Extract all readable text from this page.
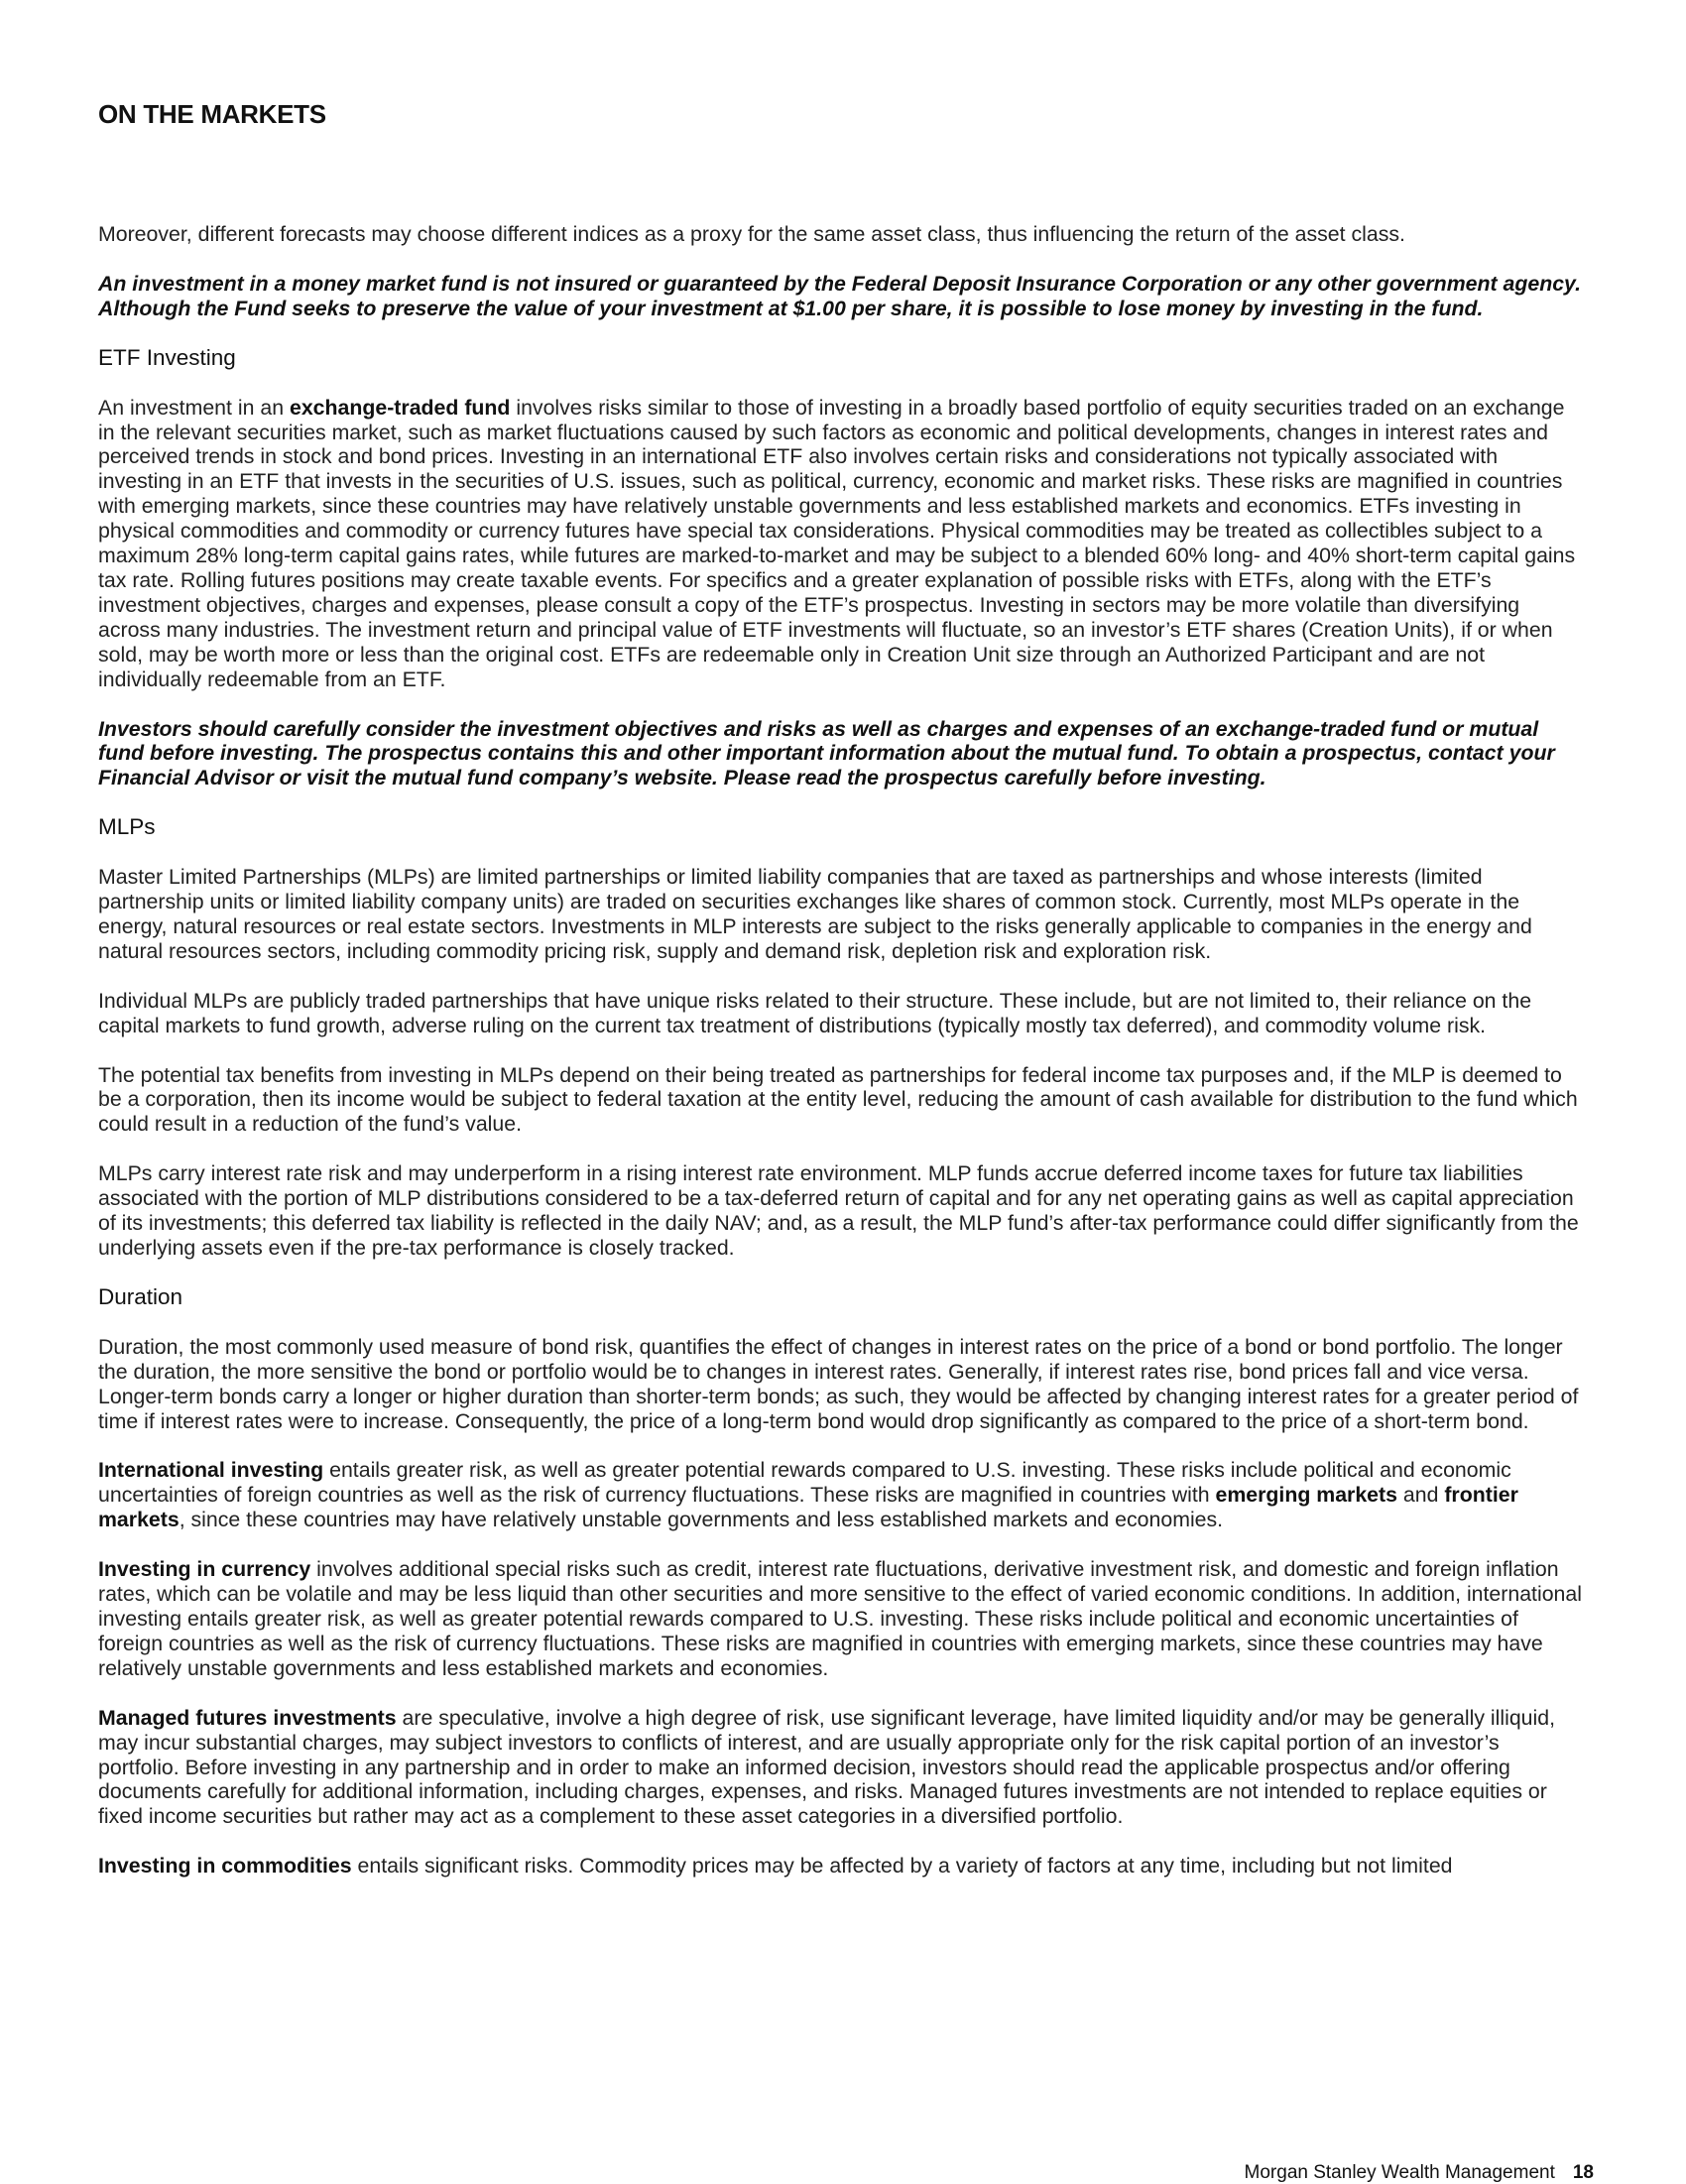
ON THE MARKETS

Moreover, different forecasts may choose different indices as a proxy for the same asset class, thus influencing the return of the asset class.

An investment in a money market fund is not insured or guaranteed by the Federal Deposit Insurance Corporation or any other government agency. Although the Fund seeks to preserve the value of your investment at $1.00 per share, it is possible to lose money by investing in the fund.

ETF Investing

An investment in an exchange-traded fund involves risks similar to those of investing in a broadly based portfolio of equity securities traded on an exchange in the relevant securities market, such as market fluctuations caused by such factors as economic and political developments, changes in interest rates and perceived trends in stock and bond prices. Investing in an international ETF also involves certain risks and considerations not typically associated with investing in an ETF that invests in the securities of U.S. issues, such as political, currency, economic and market risks. These risks are magnified in countries with emerging markets, since these countries may have relatively unstable governments and less established markets and economics. ETFs investing in physical commodities and commodity or currency futures have special tax considerations. Physical commodities may be treated as collectibles subject to a maximum 28% long-term capital gains rates, while futures are marked-to-market and may be subject to a blended 60% long- and 40% short-term capital gains tax rate. Rolling futures positions may create taxable events. For specifics and a greater explanation of possible risks with ETFs, along with the ETF’s investment objectives, charges and expenses, please consult a copy of the ETF’s prospectus. Investing in sectors may be more volatile than diversifying across many industries. The investment return and principal value of ETF investments will fluctuate, so an investor’s ETF shares (Creation Units), if or when sold, may be worth more or less than the original cost. ETFs are redeemable only in Creation Unit size through an Authorized Participant and are not individually redeemable from an ETF.

Investors should carefully consider the investment objectives and risks as well as charges and expenses of an exchange-traded fund or mutual fund before investing. The prospectus contains this and other important information about the mutual fund. To obtain a prospectus, contact your Financial Advisor or visit the mutual fund company’s website. Please read the prospectus carefully before investing.

MLPs

Master Limited Partnerships (MLPs) are limited partnerships or limited liability companies that are taxed as partnerships and whose interests (limited partnership units or limited liability company units) are traded on securities exchanges like shares of common stock. Currently, most MLPs operate in the energy, natural resources or real estate sectors. Investments in MLP interests are subject to the risks generally applicable to companies in the energy and natural resources sectors, including commodity pricing risk, supply and demand risk, depletion risk and exploration risk.

Individual MLPs are publicly traded partnerships that have unique risks related to their structure. These include, but are not limited to, their reliance on the capital markets to fund growth, adverse ruling on the current tax treatment of distributions (typically mostly tax deferred), and commodity volume risk.

The potential tax benefits from investing in MLPs depend on their being treated as partnerships for federal income tax purposes and, if the MLP is deemed to be a corporation, then its income would be subject to federal taxation at the entity level, reducing the amount of cash available for distribution to the fund which could result in a reduction of the fund’s value.

MLPs carry interest rate risk and may underperform in a rising interest rate environment. MLP funds accrue deferred income taxes for future tax liabilities associated with the portion of MLP distributions considered to be a tax-deferred return of capital and for any net operating gains as well as capital appreciation of its investments; this deferred tax liability is reflected in the daily NAV; and, as a result, the MLP fund’s after-tax performance could differ significantly from the underlying assets even if the pre-tax performance is closely tracked.

Duration

Duration, the most commonly used measure of bond risk, quantifies the effect of changes in interest rates on the price of a bond or bond portfolio. The longer the duration, the more sensitive the bond or portfolio would be to changes in interest rates. Generally, if interest rates rise, bond prices fall and vice versa. Longer-term bonds carry a longer or higher duration than shorter-term bonds; as such, they would be affected by changing interest rates for a greater period of time if interest rates were to increase. Consequently, the price of a long-term bond would drop significantly as compared to the price of a short-term bond.

International investing entails greater risk, as well as greater potential rewards compared to U.S. investing. These risks include political and economic uncertainties of foreign countries as well as the risk of currency fluctuations. These risks are magnified in countries with emerging markets and frontier markets, since these countries may have relatively unstable governments and less established markets and economies.

Investing in currency involves additional special risks such as credit, interest rate fluctuations, derivative investment risk, and domestic and foreign inflation rates, which can be volatile and may be less liquid than other securities and more sensitive to the effect of varied economic conditions. In addition, international investing entails greater risk, as well as greater potential rewards compared to U.S. investing. These risks include political and economic uncertainties of foreign countries as well as the risk of currency fluctuations. These risks are magnified in countries with emerging markets, since these countries may have relatively unstable governments and less established markets and economies.

Managed futures investments are speculative, involve a high degree of risk, use significant leverage, have limited liquidity and/or may be generally illiquid, may incur substantial charges, may subject investors to conflicts of interest, and are usually appropriate only for the risk capital portion of an investor’s portfolio. Before investing in any partnership and in order to make an informed decision, investors should read the applicable prospectus and/or offering documents carefully for additional information, including charges, expenses, and risks. Managed futures investments are not intended to replace equities or fixed income securities but rather may act as a complement to these asset categories in a diversified portfolio.

Investing in commodities entails significant risks. Commodity prices may be affected by a variety of factors at any time, including but not limited

Morgan Stanley Wealth Management 18
